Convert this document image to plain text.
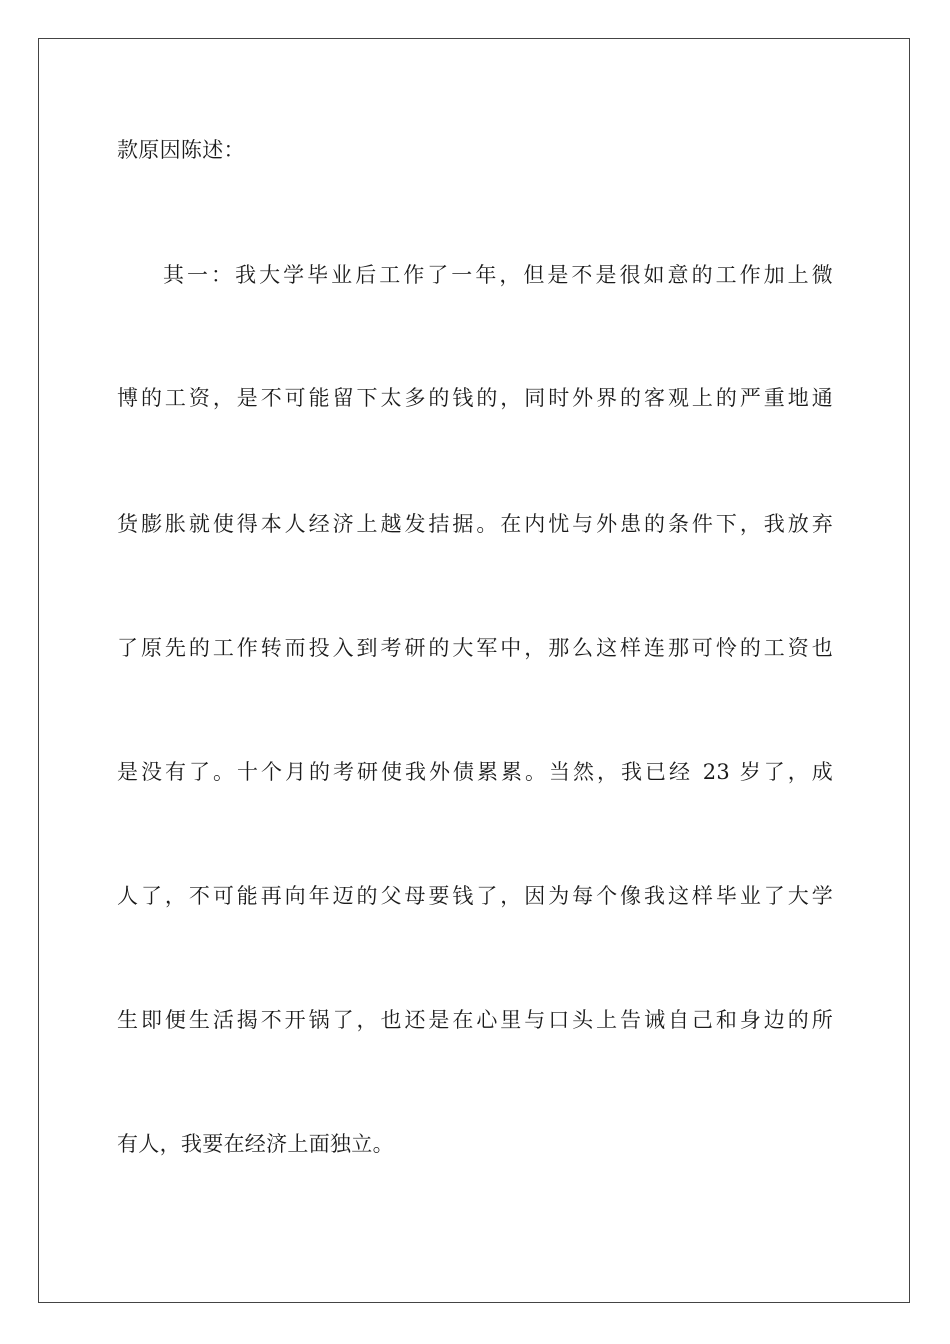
款原因陈述：
其一：我大学毕业后工作了一年，但是不是很如意的工作加上微
博的工资，是不可能留下太多的钱的，同时外界的客观上的严重地通
货膨胀就使得本人经济上越发拮据。在内忧与外患的条件下，我放弃
了原先的工作转而投入到考研的大军中，那么这样连那可怜的工资也
是没有了。十个月的考研使我外债累累。当然，我已经 23 岁了，成
人了，不可能再向年迈的父母要钱了，因为每个像我这样毕业了大学
生即便生活揭不开锅了，也还是在心里与口头上告诫自己和身边的所
有人，我要在经济上面独立。
